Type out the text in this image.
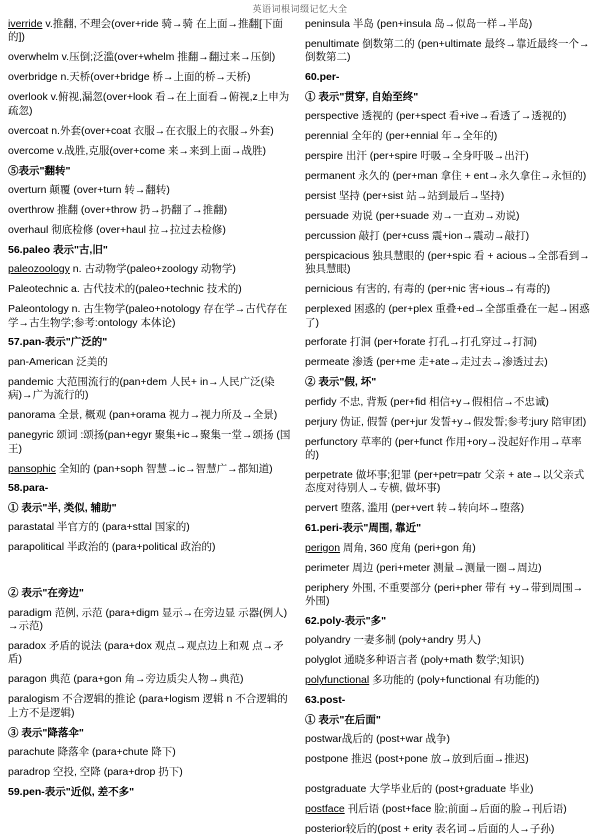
英语词根词缀记忆大全
iverride v.推翻, 不理会(over+ride 骑→骑 在上面→推翻[下面的])
overwhelm v.压倒;泛滥(over+whelm 推翻→翻过来→压倒)
overbridge n.天桥(over+bridge 桥→上面的桥→天桥)
overlook v.俯视,漏忽(over+look 看→在上面看→俯视,z上申为疏忽)
overcoat n.外套(over+coat 衣服→在衣服上的衣服→外套)
overcome v.战胜,克服(over+come 来→来到上面→战胜)
⑤表示"翻转"
overturn 颠覆 (over+turn 转→翻转)
overthrow 推翻 (over+throw 扔→扔翻了→推翻)
overhaul 彻底检修 (over+haul 拉→拉过去检修)
56.paleo 表示"古,旧"
paleozoology n. 古动物学(paleo+zoology 动物学)
Paleotechnic a. 古代技术的(paleo+technic 技术的)
Paleontology n. 古生物学(paleo+notology 存在学→古代存在学→古生物学;参考:ontology 本体论)
57.pan-表示"广泛的"
pan-American 泛美的
pandemic 大范围流行的(pan+dem 人民+ in→人民广泛(染病)→广为流行的)
panorama 全景, 概观 (pan+orama 视力→视力所及→全景)
panegyric 颂词 :颂扬(pan+egyr 聚集+ic→聚集一堂→颂扬 (国王)
pansophic 全知的 (pan+soph 智慧→ic→智慧广→都知道)
58.para-
① 表示"半, 类似, 辅助"
parastatal 半官方的 (para+sttal 国家的)
parapolitical 半政治的 (para+political 政治的)
② 表示"在旁边"
paradigm 范例, 示范 (para+digm 显示→在旁边显 示器(例人) →示范)
paradox 矛盾的说法 (para+dox 观点→观点边上和观 点→矛盾)
paragon 典范 (para+gon 角→旁边质尖人物→典范)
paralogism 不合逻辑的推论 (para+logism 逻辑 n 不合逻辑的上方不是逻辑)
③ 表示"降落伞"
parachute 降落伞 (para+chute 降下)
paradrop 空投, 空降 (para+drop 扔下)
59.pen-表示"近似, 差不多"
peninsula 半岛 (pen+insula 岛→似岛一样→半岛)
penultimate 倒数第二的 (pen+ultimate 最终→靠近最终一个→倒数第二)
60.per-
① 表示"贯穿, 自始至终"
perspective 透视的 (per+spect 看+ive→看透了→透视的)
perennial 全年的 (per+ennial 年→全年的)
perspire 出汗 (per+spire 吁吸→全身吁吸→出汗)
permanent 永久的 (per+man 拿住 + ent→永久拿住→永恒的)
persist 坚持 (per+sist 站→站到最后→坚持)
persuade 劝说 (per+suade 劝→一直劝→劝说)
percussion 敲打 (per+cuss 震+ion→震动→敲打)
perspicacious 独具慧眼的 (per+spic 看 + acious→全部看到→独具慧眼)
pernicious 有害的, 有毒的 (per+nic 害+ious→有毒的)
perplexed 困惑的 (per+plex 重叠+ed→全部重叠在一起→困惑了)
perforate 打洞 (per+forate 打孔→打孔穿过→打洞)
permeate 渗透 (per+me 走+ate→走过去→渗透过去)
② 表示"假, 坏"
perfidy 不忠, 背叛 (per+fid 相信+y→假相信→不忠诚)
perjury 伪证, 假誓 (per+jur 发誓+y→假发誓;参考:jury 陪审团)
perfunctory 草率的 (per+funct 作用+ory→没起好作用→草率的)
perpetrate 做坏事;犯罪 (per+petr=patr 父亲 + ate→以父亲式态度对待别人→专横, 做坏事)
pervert 堕落, 滥用 (per+vert 转→转向坏→堕落)
61.peri-表示"周围, 靠近"
perigon 周角, 360 度角 (peri+gon 角)
perimeter 周边 (peri+meter 测量→测量一圈→周边)
periphery 外围, 不重要部分 (peri+pher 带有 +y→带到周围→外围)
62.poly-表示"多"
polyandry 一妻多制 (poly+andry 男人)
polyglot 通晓多种语言者 (poly+math 数学;知识)
polyfunctional 多功能的 (poly+functional 有功能的)
63.post-
① 表示"在后面"
postwar战后的 (post+war 战争)
postpone 推迟 (post+pone 放→放到后面→推迟)
postgraduate 大学毕业后的 (post+graduate 毕业)
postface 刊后语 (post+face 脸;前面→后面的脸→刊后语)
posterior较后的(post + erity 表名词→后面的人→子孙)
